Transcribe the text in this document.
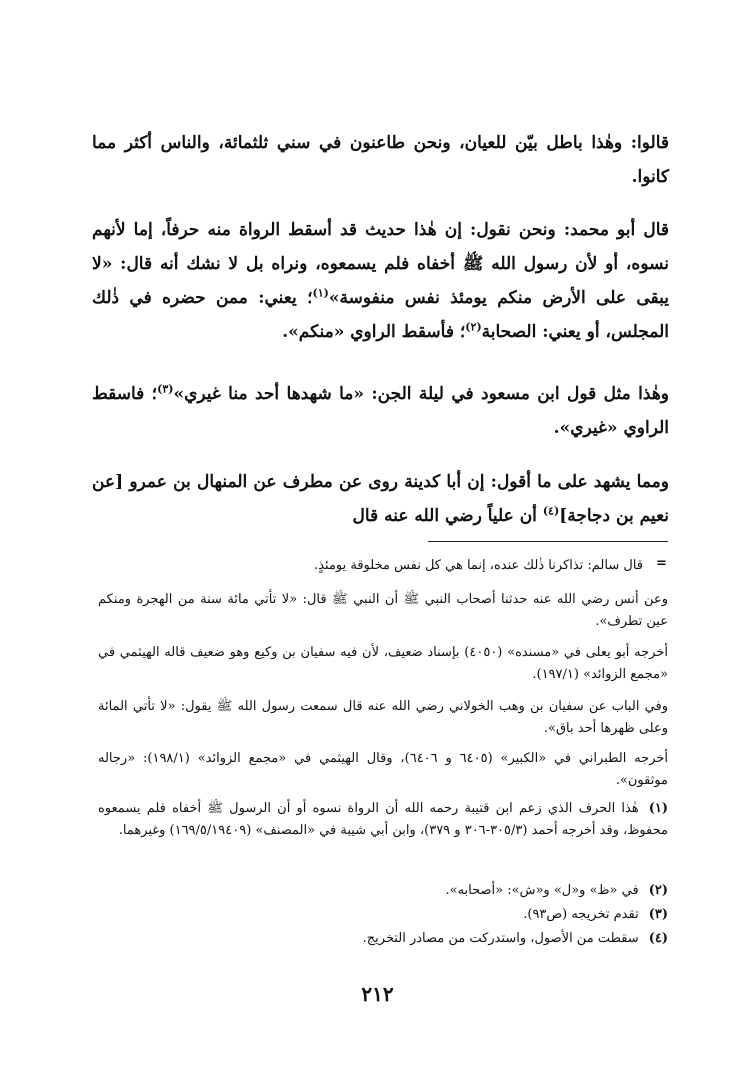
قالوا: وهٰذا باطل بيّن للعيان، ونحن طاعنون في سني ثلثمائة، والناس أكثر مما كانوا.

قال أبو محمد: ونحن نقول: إن هٰذا حديث قد أسقط الرواة منه حرفاً، إما لأنهم نسوه، أو لأن رسول الله ﷺ أخفاه فلم يسمعوه، ونراه بل لا نشك أنه قال: «لا يبقى على الأرض منكم يومئذ نفس منفوسة»$^{(١)}$؛ يعني: ممن حضره في ذٰلك المجلس، أو يعني: الصحابة$^{(٢)}$؛ فأسقط الراوي «منكم».

وهٰذا مثل قول ابن مسعود في ليلة الجن: «ما شهدها أحد منا غيري»$^{(٣)}$؛ فاسقط الراوي «غيري».

ومما يشهد على ما أقول: إن أبا كدينة روى عن مطرف عن المنهال بن عمرو [عن نعيم بن دجاجة]$^{(٤)}$ أن علياً رضي الله عنه قال

=

قال سالم: تذاكرنا ذٰلك عنده، إنما هي كل نفس مخلوقة يومئذٍ.

وعن أنس رضي الله عنه حدثنا أصحاب النبي ﷺ أن النبي ﷺ قال: «لا تأتي مائة سنة من الهجرة ومنكم عين تطرف».

أخرجه أبو يعلى في «مسنده» (٤٠٥٠) بإسناد ضعيف، لأن فيه سفيان بن وكيع وهو ضعيف قاله الهيثمي في «مجمع الزوائد» (١٩٧/١).

وفي الباب عن سفيان بن وهب الخولاني رضي الله عنه قال سمعت رسول الله ﷺ يقول: «لا تأتي المائة وعلى ظهرها أحد باق».

أخرجه الطبراني في «الكبير» (٦٤٠٥ و ٦٤٠٦)، وقال الهيثمي في «مجمع الزوائد» (١٩٨/١): «رجاله موثقون».

(١)هٰذا الحرف الذي زعم ابن قتيبة رحمه الله أن الرواة نسوه أو أن الرسول ﷺ أخفاه فلم يسمعوه محفوظ، وقد أخرجه أحمد (٣٠٥/٣-٣٠٦ و ٣٧٩)، وابن أبي شيبة في «المصنف» (١٦٩/٥/١٩٤٠٩) وغيرهما.

(٢)في «ظ» و«ل» و«ش»: «أصحابه».

(٣)تقدم تخريجه (ص٩٣).

(٤)سقطت من الأصول، واستدركت من مصادر التخريج.

٢١٢
